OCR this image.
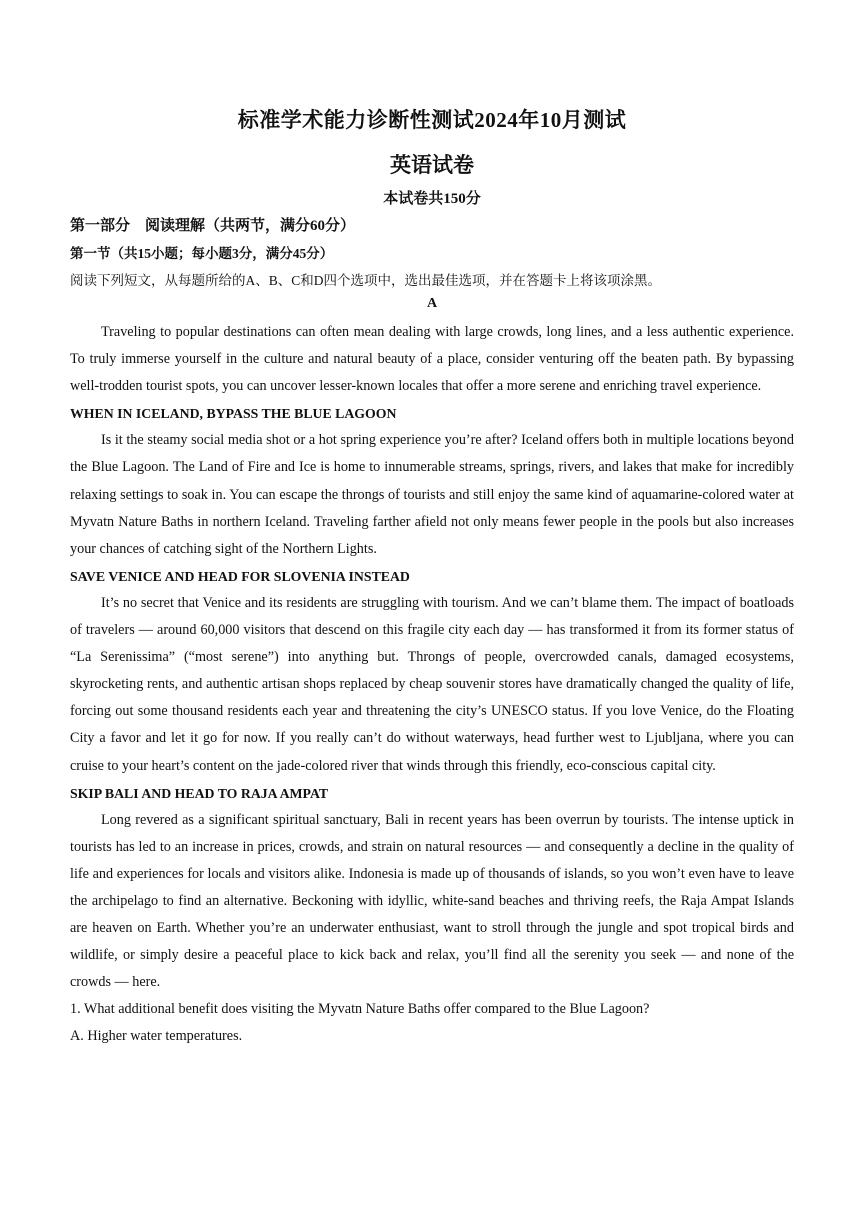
标准学术能力诊断性测试2024年10月测试
英语试卷
本试卷共150分
第一部分　阅读理解（共两节，满分60分）
第一节（共15小题；每小题3分，满分45分）
阅读下列短文，从每题所给的A、B、C和D四个选项中，选出最佳选项，并在答题卡上将该项涂黑。
A

Traveling to popular destinations can often mean dealing with large crowds, long lines, and a less authentic experience. To truly immerse yourself in the culture and natural beauty of a place, consider venturing off the beaten path. By bypassing well-trodden tourist spots, you can uncover lesser-known locales that offer a more serene and enriching travel experience.

WHEN IN ICELAND, BYPASS THE BLUE LAGOON

Is it the steamy social media shot or a hot spring experience you’re after? Iceland offers both in multiple locations beyond the Blue Lagoon. The Land of Fire and Ice is home to innumerable streams, springs, rivers, and lakes that make for incredibly relaxing settings to soak in. You can escape the throngs of tourists and still enjoy the same kind of aquamarine-colored water at Myvatn Nature Baths in northern Iceland. Traveling farther afield not only means fewer people in the pools but also increases your chances of catching sight of the Northern Lights.

SAVE VENICE AND HEAD FOR SLOVENIA INSTEAD

It’s no secret that Venice and its residents are struggling with tourism. And we can’t blame them. The impact of boatloads of travelers — around 60,000 visitors that descend on this fragile city each day — has transformed it from its former status of “La Serenissima” (“most serene”) into anything but. Throngs of people, overcrowded canals, damaged ecosystems, skyrocketing rents, and authentic artisan shops replaced by cheap souvenir stores have dramatically changed the quality of life, forcing out some thousand residents each year and threatening the city’s UNESCO status. If you love Venice, do the Floating City a favor and let it go for now. If you really can’t do without waterways, head further west to Ljubljana, where you can cruise to your heart’s content on the jade-colored river that winds through this friendly, eco-conscious capital city.

SKIP BALI AND HEAD TO RAJA AMPAT

Long revered as a significant spiritual sanctuary, Bali in recent years has been overrun by tourists. The intense uptick in tourists has led to an increase in prices, crowds, and strain on natural resources — and consequently a decline in the quality of life and experiences for locals and visitors alike. Indonesia is made up of thousands of islands, so you won’t even have to leave the archipelago to find an alternative. Beckoning with idyllic, white-sand beaches and thriving reefs, the Raja Ampat Islands are heaven on Earth. Whether you’re an underwater enthusiast, want to stroll through the jungle and spot tropical birds and wildlife, or simply desire a peaceful place to kick back and relax, you’ll find all the serenity you seek — and none of the crowds — here.

1. What additional benefit does visiting the Myvatn Nature Baths offer compared to the Blue Lagoon?

A. Higher water temperatures.
